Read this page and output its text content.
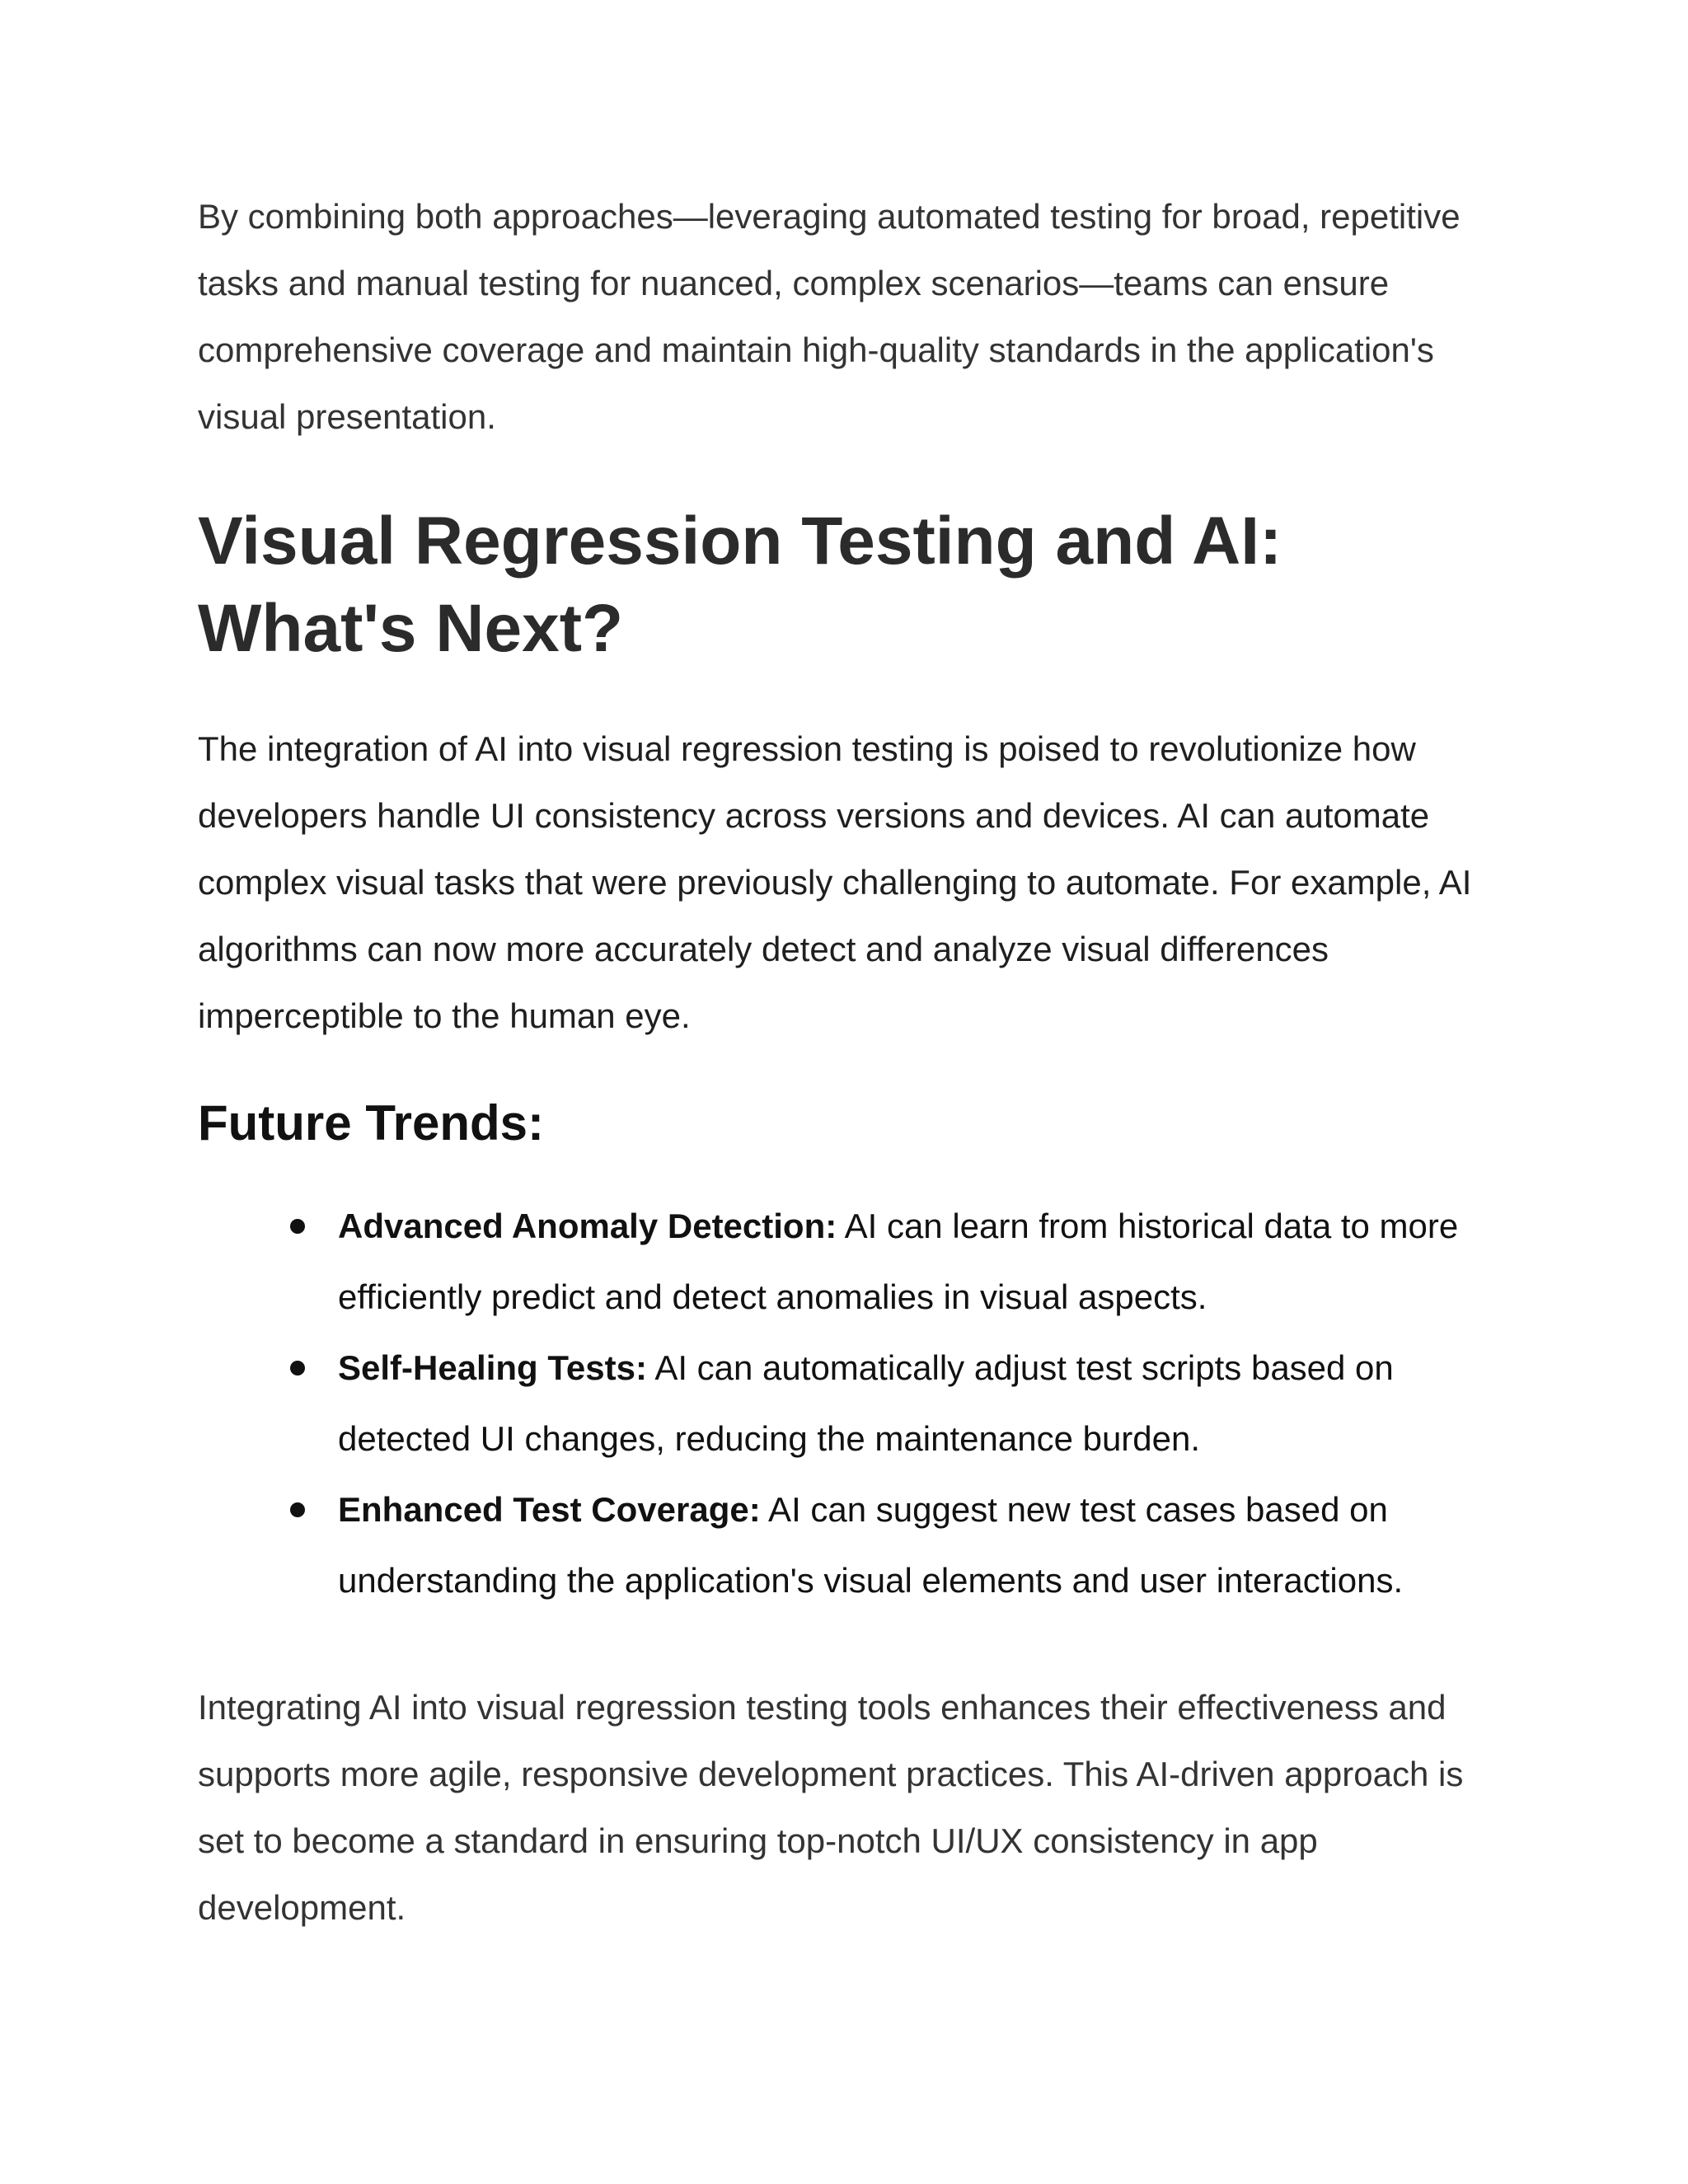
By combining both approaches—leveraging automated testing for broad, repetitive tasks and manual testing for nuanced, complex scenarios—teams can ensure comprehensive coverage and maintain high-quality standards in the application's visual presentation.

Visual Regression Testing and AI: What's Next?

The integration of AI into visual regression testing is poised to revolutionize how developers handle UI consistency across versions and devices. AI can automate complex visual tasks that were previously challenging to automate. For example, AI algorithms can now more accurately detect and analyze visual differences imperceptible to the human eye.

Future Trends:
Advanced Anomaly Detection: AI can learn from historical data to more efficiently predict and detect anomalies in visual aspects.
Self-Healing Tests: AI can automatically adjust test scripts based on detected UI changes, reducing the maintenance burden.
Enhanced Test Coverage: AI can suggest new test cases based on understanding the application's visual elements and user interactions.

Integrating AI into visual regression testing tools enhances their effectiveness and supports more agile, responsive development practices. This AI-driven approach is set to become a standard in ensuring top-notch UI/UX consistency in app development.
